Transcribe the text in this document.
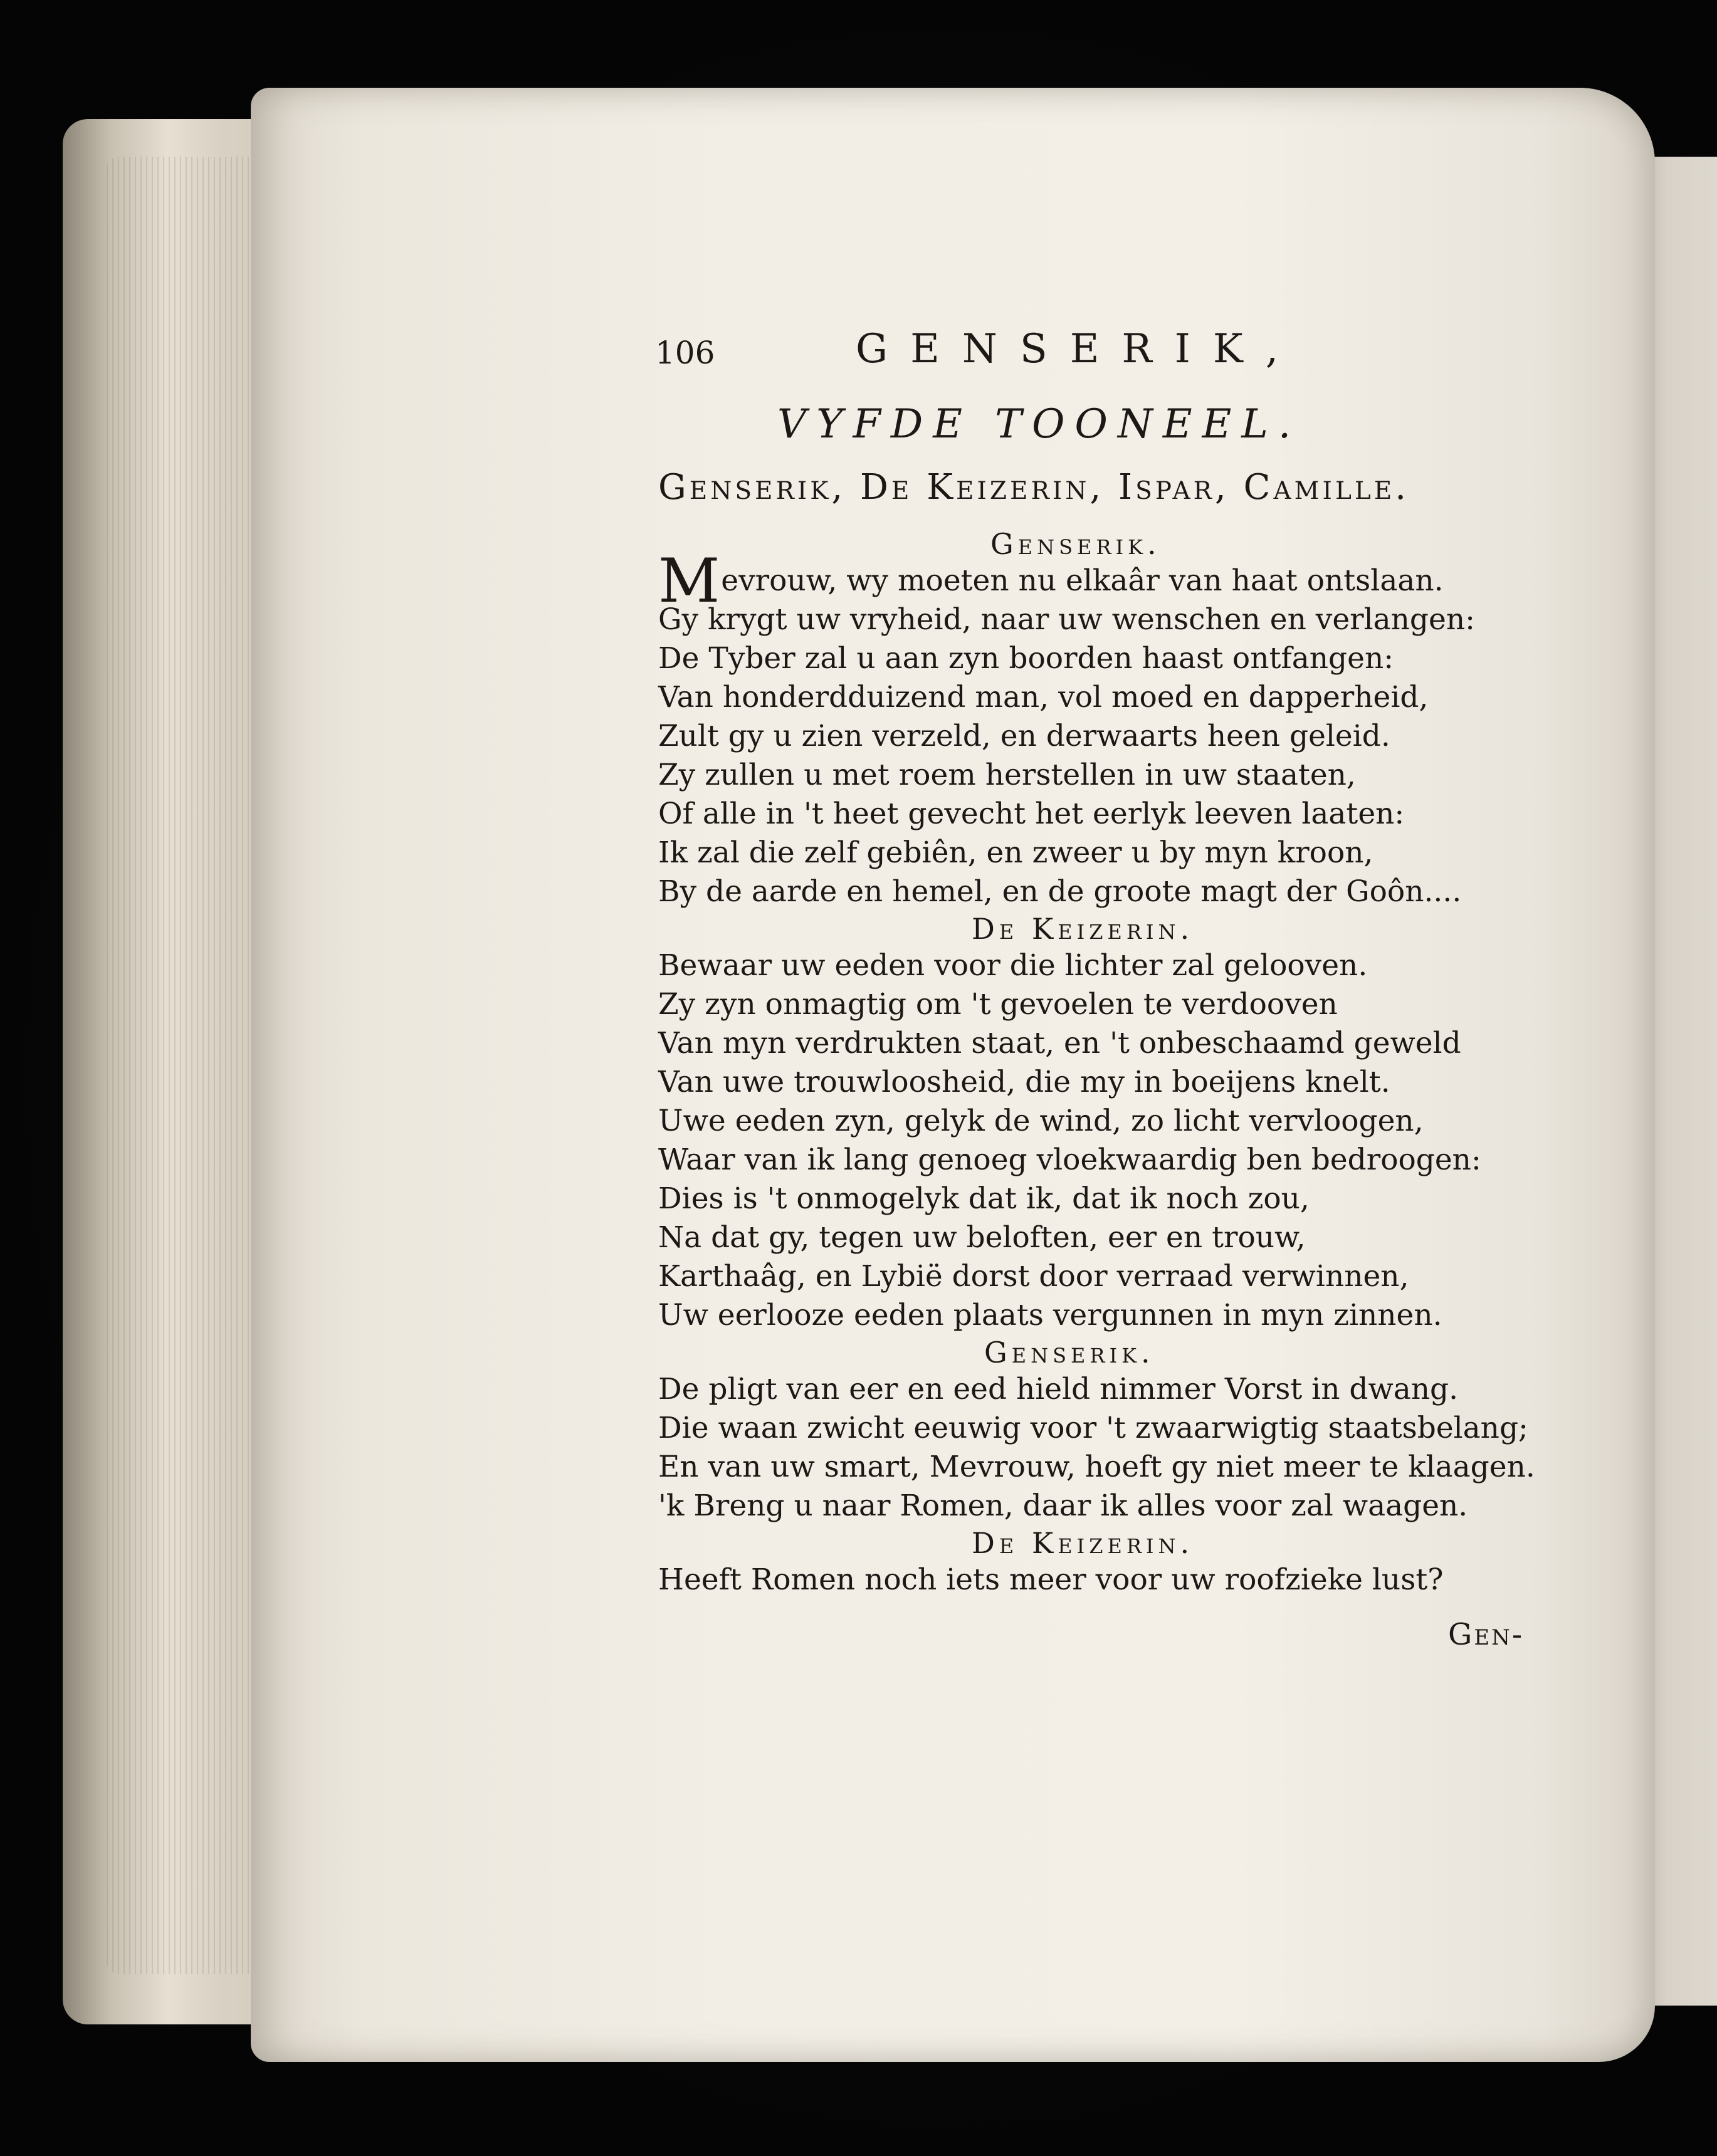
106	GENSERIK,
VYFDE TOONEEL.
Genserik, De Keizerin, Ispar, Camille.
Genserik.
Mevrouw, wy moeten nu elkaâr van haat ontslaan.
Gy krygt uw vryheid, naar uw wenschen en verlangen:
De Tyber zal u aan zyn boorden haast ontfangen:
Van honderdduizend man, vol moed en dapperheid,
Zult gy u zien verzeld, en derwaarts heen geleid.
Zy zullen u met roem herstellen in uw staaten,
Of alle in 't heet gevecht het eerlyk leeven laaten:
Ik zal die zelf gebiên, en zweer u by myn kroon,
By de aarde en hemel, en de groote magt der Goôn....
De Keizerin.
Bewaar uw eeden voor die lichter zal gelooven.
Zy zyn onmagtig om 't gevoelen te verdooven
Van myn verdrukten staat, en 't onbeschaamd geweld
Van uwe trouwloosheid, die my in boeijens knelt.
Uwe eeden zyn, gelyk de wind, zo licht vervloogen,
Waar van ik lang genoeg vloekwaardig ben bedroogen:
Dies is 't onmogelyk dat ik, dat ik noch zou,
Na dat gy, tegen uw beloften, eer en trouw,
Karthaâg, en Lybië dorst door verraad verwinnen,
Uw eerlooze eeden plaats vergunnen in myn zinnen.
Genserik.
De pligt van eer en eed hield nimmer Vorst in dwang.
Die waan zwicht eeuwig voor 't zwaarwigtig staatsbelang;
En van uw smart, Mevrouw, hoeft gy niet meer te klaagen.
'k Breng u naar Romen, daar ik alles voor zal waagen.
De Keizerin.
Heeft Romen noch iets meer voor uw roofzieke lust?
Gen-
